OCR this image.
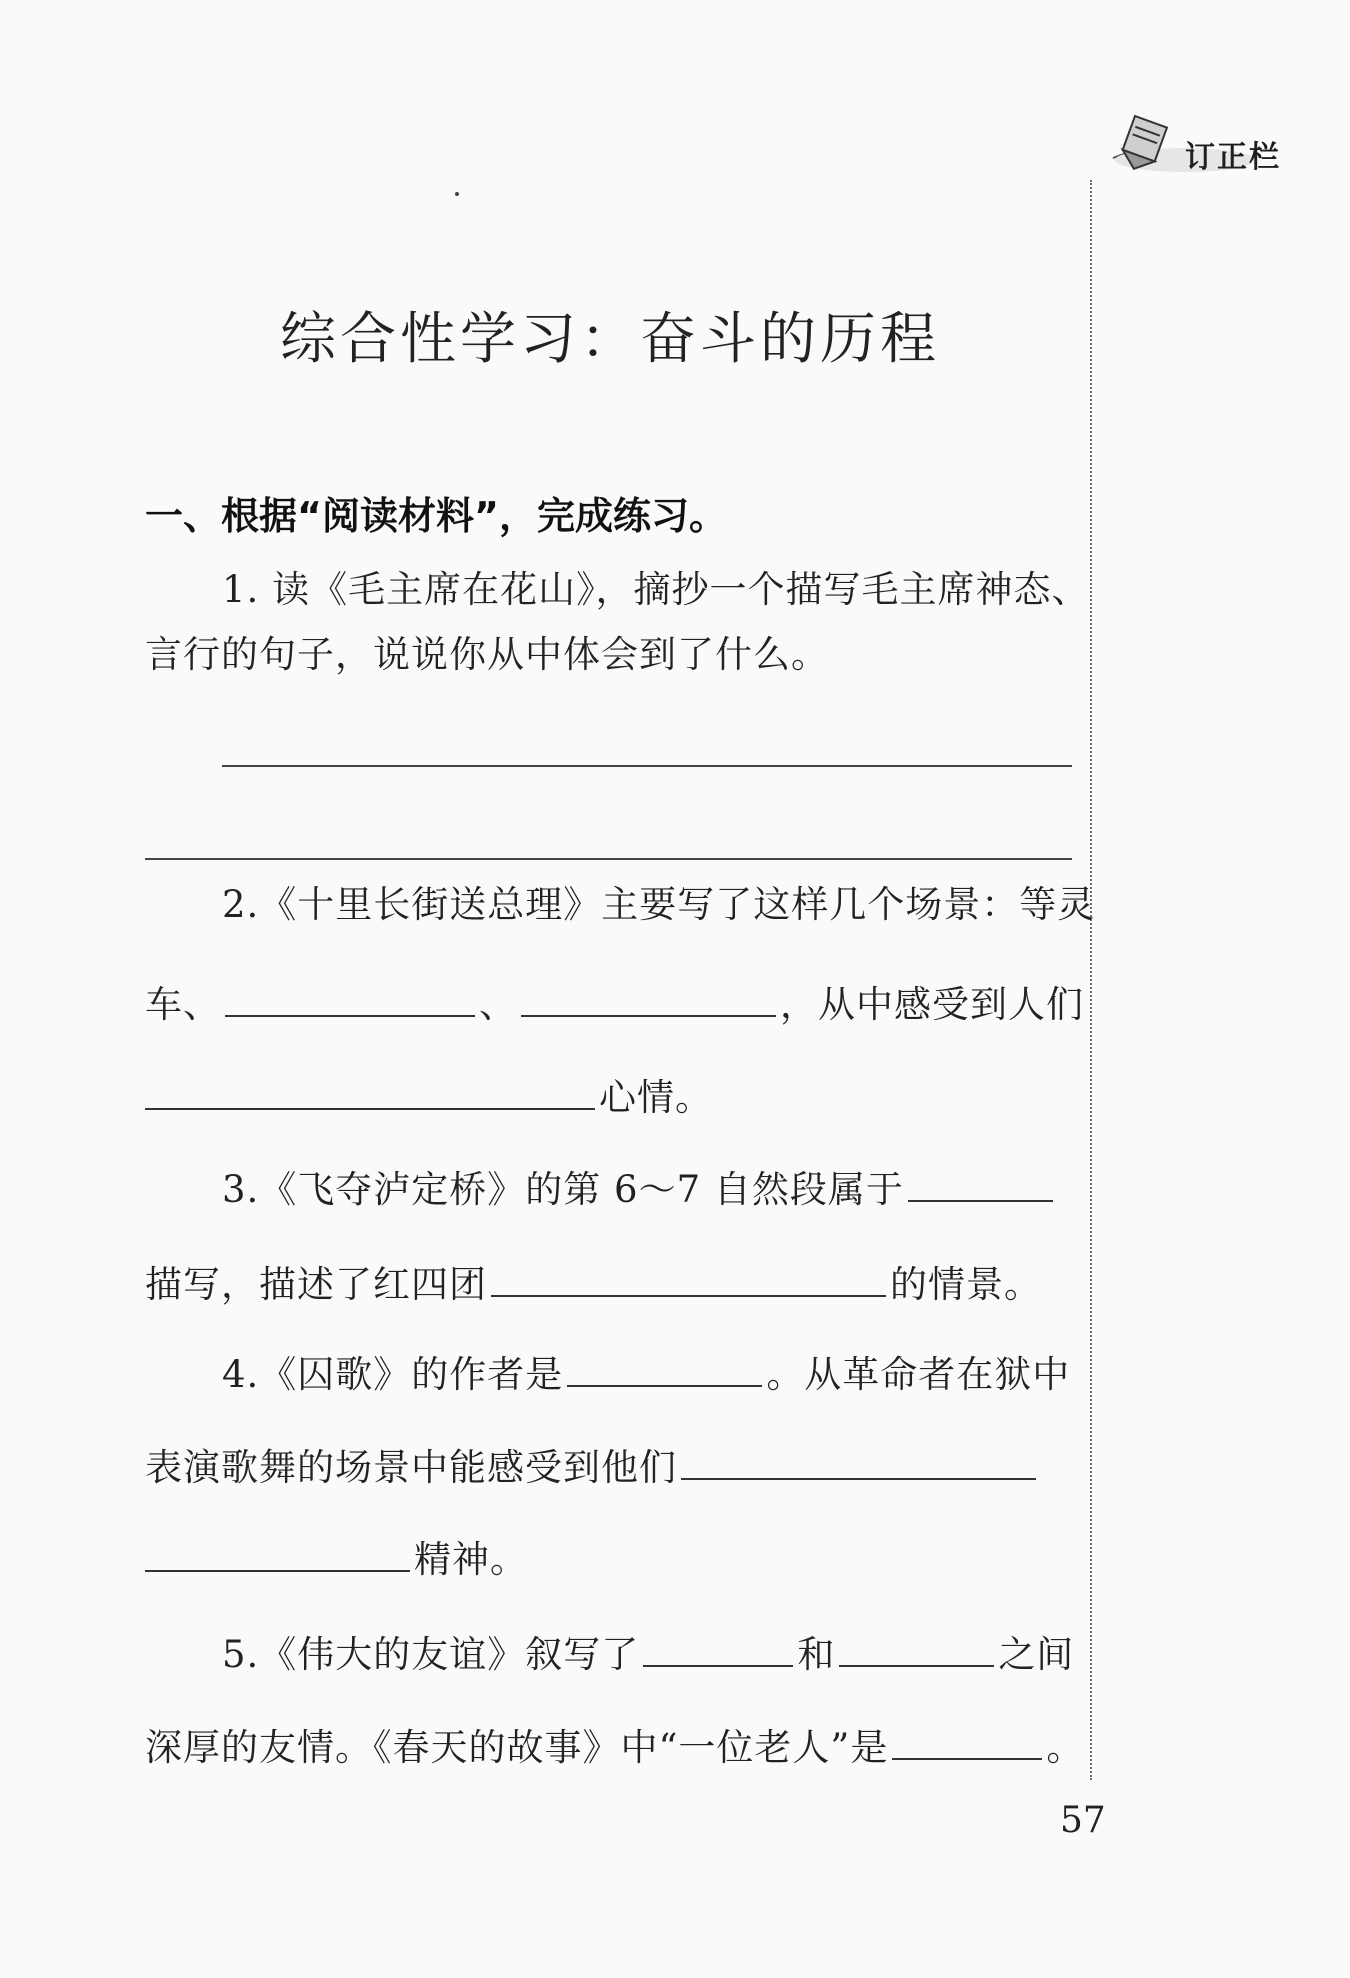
订正栏
综合性学习：奋斗的历程
一、根据“阅读材料”，完成练习。
1. 读《毛主席在花山》，摘抄一个描写毛主席神态、
言行的句子，说说你从中体会到了什么。
2.《十里长街送总理》主要写了这样几个场景：等灵
车、	、	，从中感受到人们
心情。
3.《飞夺泸定桥》的第 6～7 自然段属于
描写，描述了红四团	的情景。
4.《囚歌》的作者是	。从革命者在狱中
表演歌舞的场景中能感受到他们
精神。
5.《伟大的友谊》叙写了	和	之间
深厚的友情。《春天的故事》中“一位老人”是	。
57
